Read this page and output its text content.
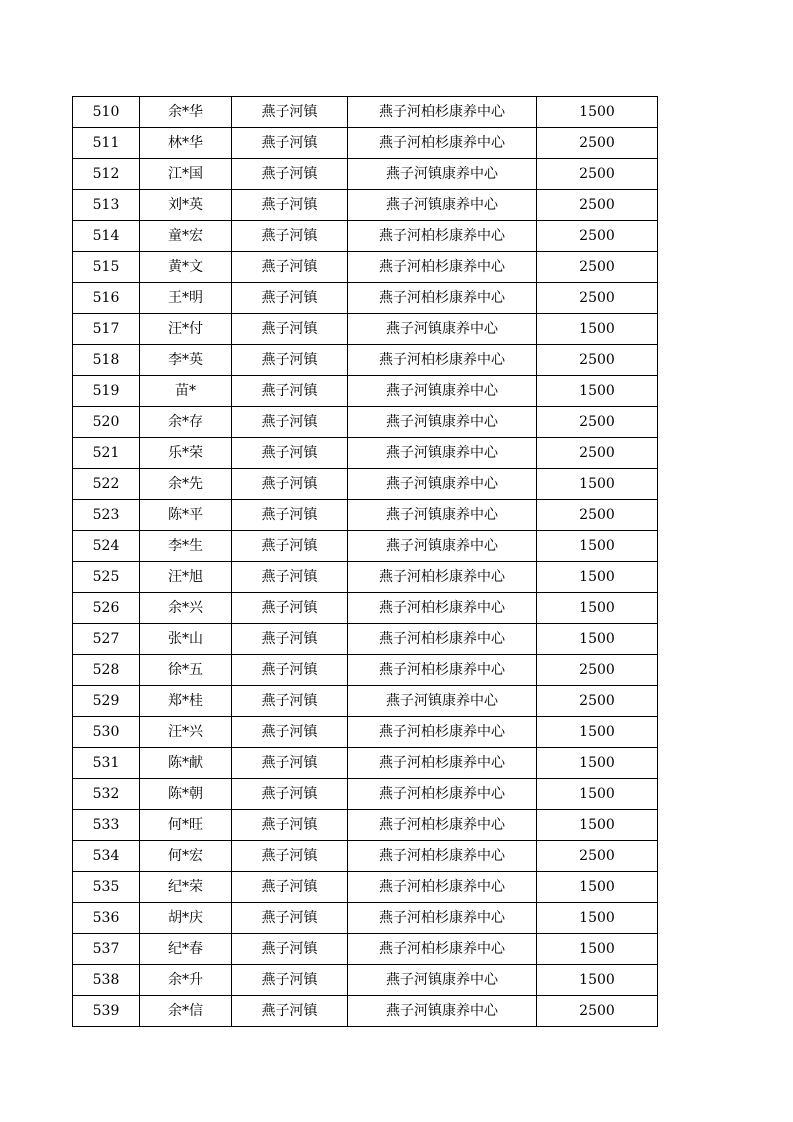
510	余*华	燕子河镇	燕子河柏杉康养中心	1500
511	林*华	燕子河镇	燕子河柏杉康养中心	2500
512	江*国	燕子河镇	燕子河镇康养中心	2500
513	刘*英	燕子河镇	燕子河镇康养中心	2500
514	童*宏	燕子河镇	燕子河柏杉康养中心	2500
515	黄*文	燕子河镇	燕子河柏杉康养中心	2500
516	王*明	燕子河镇	燕子河柏杉康养中心	2500
517	汪*付	燕子河镇	燕子河镇康养中心	1500
518	李*英	燕子河镇	燕子河柏杉康养中心	2500
519	苗*	燕子河镇	燕子河镇康养中心	1500
520	余*存	燕子河镇	燕子河镇康养中心	2500
521	乐*荣	燕子河镇	燕子河镇康养中心	2500
522	余*先	燕子河镇	燕子河镇康养中心	1500
523	陈*平	燕子河镇	燕子河镇康养中心	2500
524	李*生	燕子河镇	燕子河镇康养中心	1500
525	汪*旭	燕子河镇	燕子河柏杉康养中心	1500
526	余*兴	燕子河镇	燕子河柏杉康养中心	1500
527	张*山	燕子河镇	燕子河柏杉康养中心	1500
528	徐*五	燕子河镇	燕子河柏杉康养中心	2500
529	郑*桂	燕子河镇	燕子河镇康养中心	2500
530	汪*兴	燕子河镇	燕子河柏杉康养中心	1500
531	陈*献	燕子河镇	燕子河柏杉康养中心	1500
532	陈*朝	燕子河镇	燕子河柏杉康养中心	1500
533	何*旺	燕子河镇	燕子河柏杉康养中心	1500
534	何*宏	燕子河镇	燕子河柏杉康养中心	2500
535	纪*荣	燕子河镇	燕子河柏杉康养中心	1500
536	胡*庆	燕子河镇	燕子河柏杉康养中心	1500
537	纪*春	燕子河镇	燕子河柏杉康养中心	1500
538	余*升	燕子河镇	燕子河镇康养中心	1500
539	余*信	燕子河镇	燕子河镇康养中心	2500
